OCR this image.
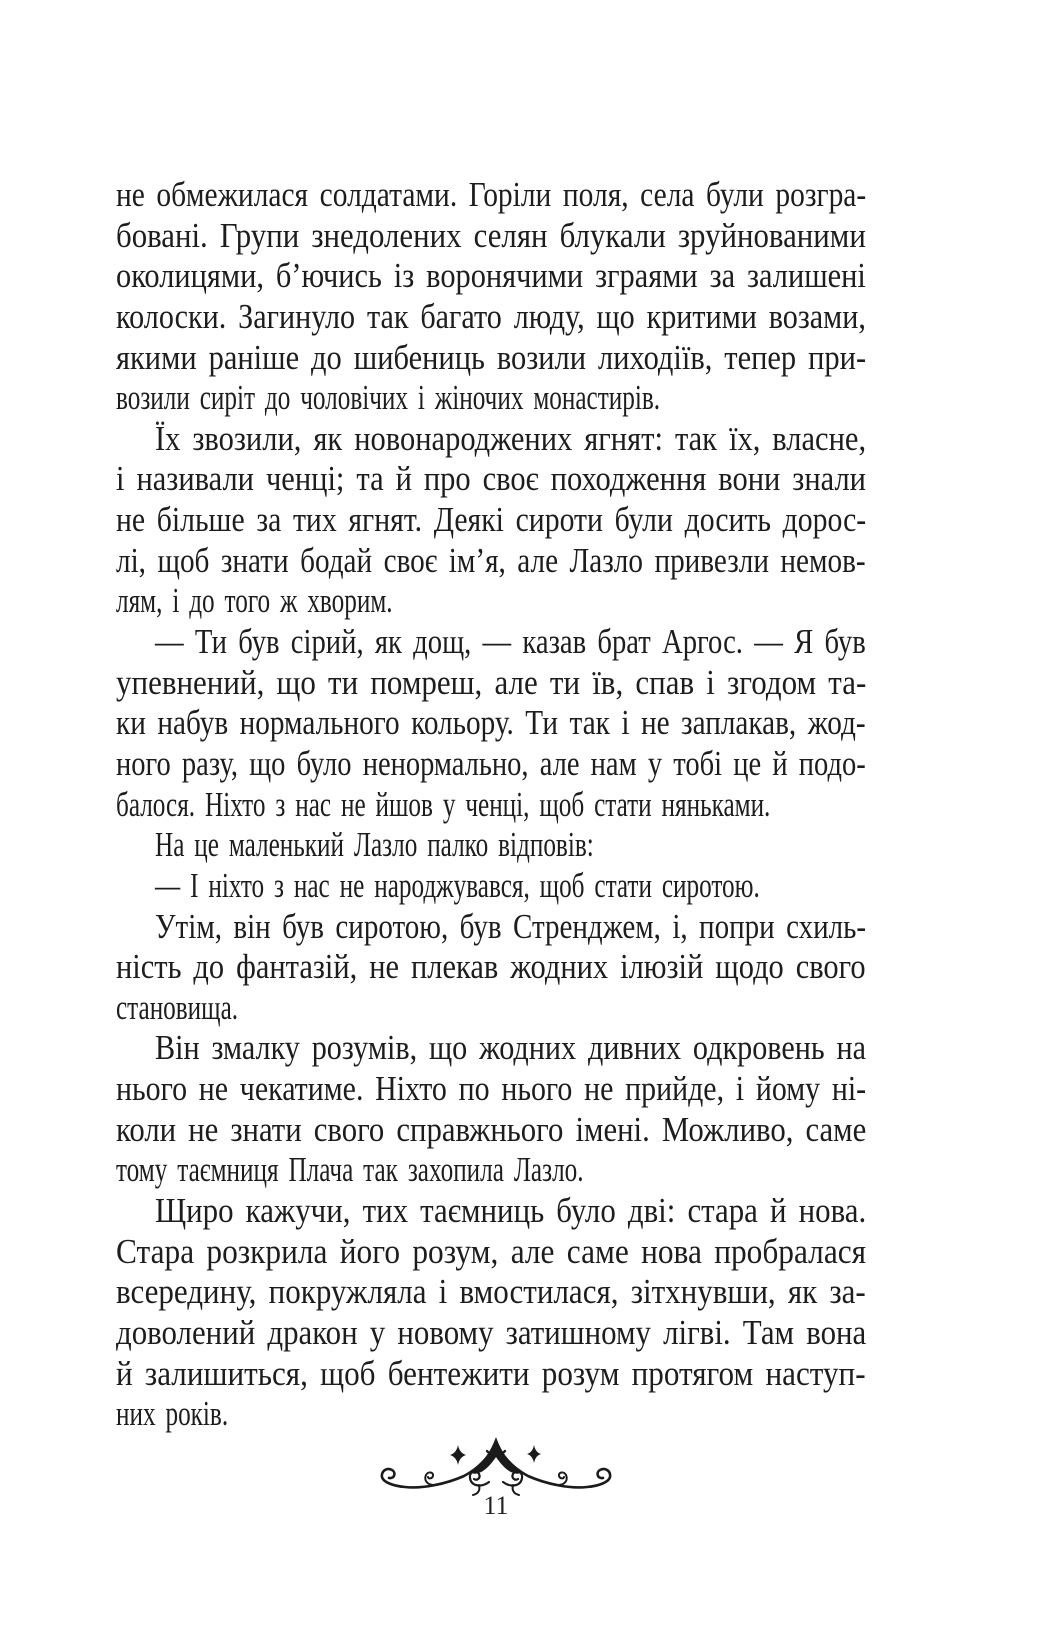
не обмежилася солдатами. Горіли поля, села були розгра-
бовані. Групи знедолених селян блукали зруйнованими
околицями, б’ючись із воронячими зграями за залишені
колоски. Загинуло так багато люду, що критими возами,
якими раніше до шибениць возили лиходіїв, тепер при-
возили сиріт до чоловічих і жіночих монастирів.
Їх звозили, як новонароджених ягнят: так їх, власне,
і називали ченці; та й про своє походження вони знали
не більше за тих ягнят. Деякі сироти були досить дорос-
лі, щоб знати бодай своє ім’я, але Лазло привезли немов-
лям, і до того ж хворим.
— Ти був сірий, як дощ, — казав брат Аргос. — Я був
упевнений, що ти помреш, але ти їв, спав і згодом та-
ки набув нормального кольору. Ти так і не заплакав, жод-
ного разу, що було ненормально, але нам у тобі це й подо-
балося. Ніхто з нас не йшов у ченці, щоб стати няньками.
На це маленький Лазло палко відповів:
— І ніхто з нас не народжувався, щоб стати сиротою.
Утім, він був сиротою, був Стренджем, і, попри схиль-
ність до фантазій, не плекав жодних ілюзій щодо свого
становища.
Він змалку розумів, що жодних дивних одкровень на
нього не чекатиме. Ніхто по нього не прийде, і йому ні-
коли не знати свого справжнього імені. Можливо, саме
тому таємниця Плача так захопила Лазло.
Щиро кажучи, тих таємниць було дві: стара й нова.
Стара розкрила його розум, але саме нова пробралася
всередину, покружляла і вмостилася, зітхнувши, як за-
доволений дракон у новому затишному лігві. Там вона
й залишиться, щоб бентежити розум протягом наступ-
них років.
11
